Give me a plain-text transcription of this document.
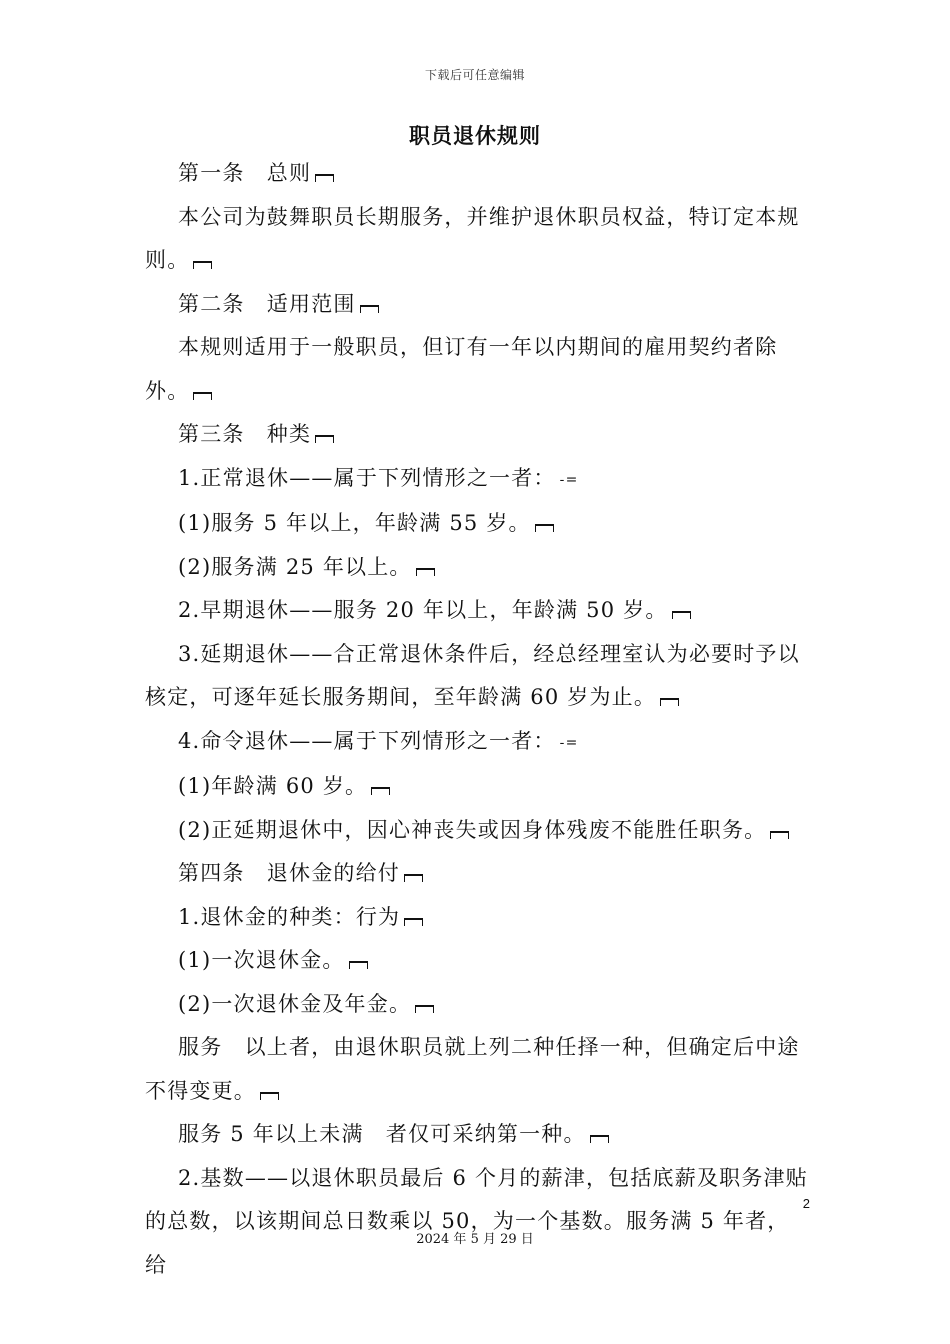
下载后可任意编辑
职员退休规则

第一条　总则

本公司为鼓舞职员长期服务，并维护退休职员权益，特订定本规则。

第二条　适用范围

本规则适用于一般职员，但订有一年以内期间的雇用契约者除外。

第三条　种类

1.正常退休——属于下列情形之一者： -=

(1)服务 5 年以上，年龄满 55 岁。

(2)服务满 25 年以上。

2.早期退休——服务 20 年以上，年龄满 50 岁。

3.延期退休——合正常退休条件后，经总经理室认为必要时予以核定，可逐年延长服务期间，至年龄满 60 岁为止。

4.命令退休——属于下列情形之一者： -=

(1)年龄满 60 岁。

(2)正延期退休中，因心神丧失或因身体残废不能胜任职务。

第四条　退休金的给付

1.退休金的种类：行为

(1)一次退休金。

(2)一次退休金及年金。

服务　以上者，由退休职员就上列二种任择一种，但确定后中途不得变更。

服务 5 年以上未满　者仅可采纳第一种。

2.基数——以退休职员最后 6 个月的薪津，包括底薪及职务津贴的总数，以该期间总日数乘以 50，为一个基数。服务满 5 年者，给

2
2024 年 5 月 29 日
